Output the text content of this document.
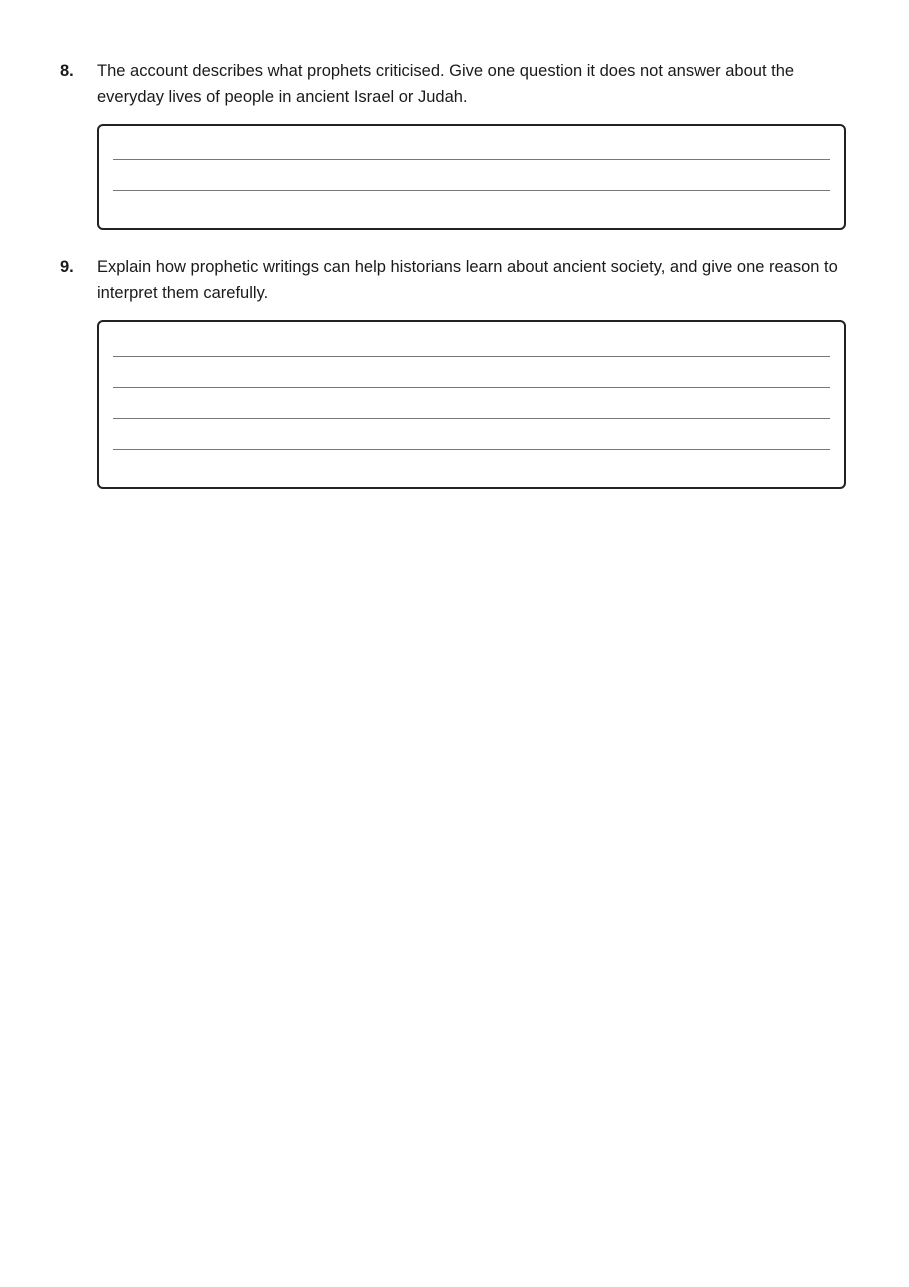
8.	The account describes what prophets criticised. Give one question it does not answer about the everyday lives of people in ancient Israel or Judah.
9.	Explain how prophetic writings can help historians learn about ancient society, and give one reason to interpret them carefully.
